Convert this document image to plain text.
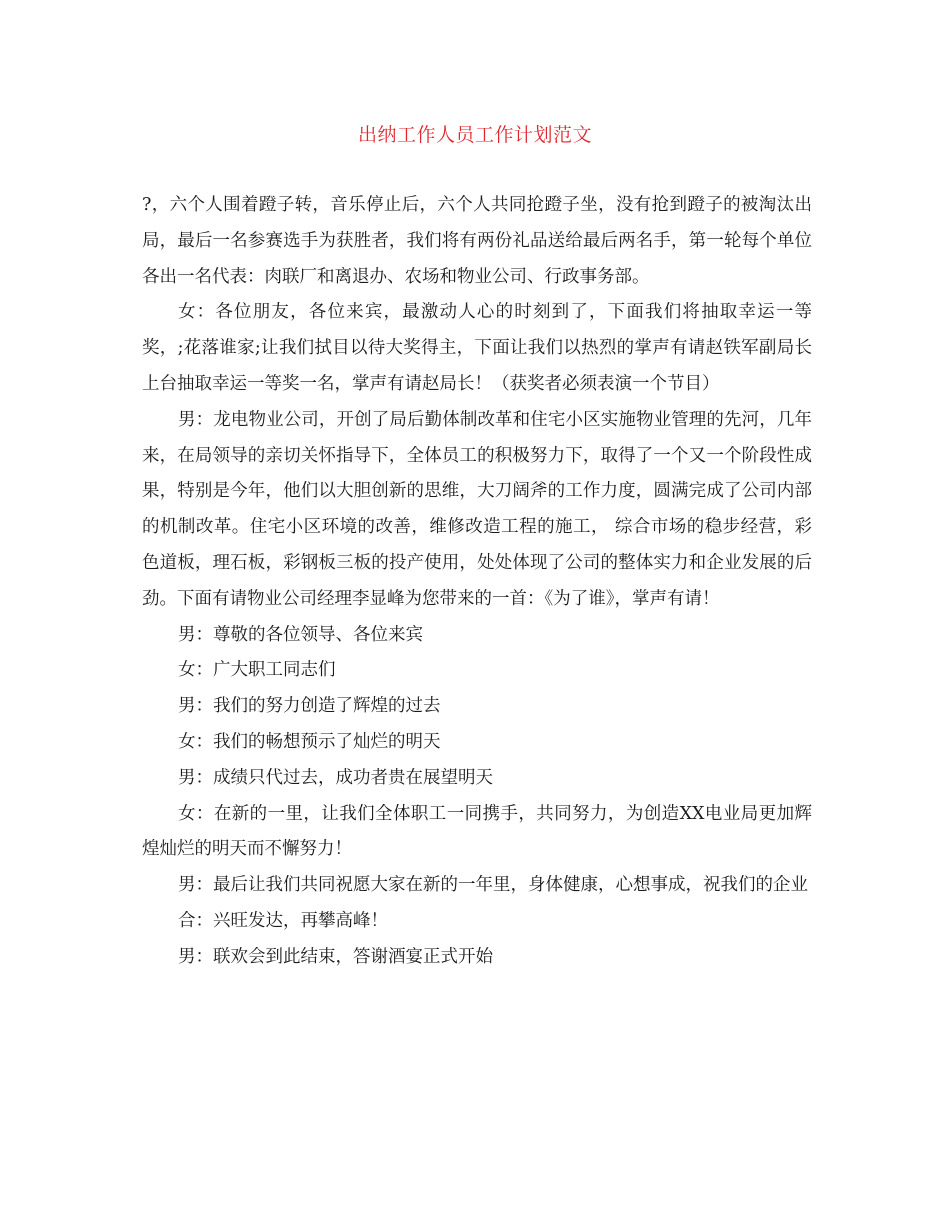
出纳工作人员工作计划范文

?，六个人围着蹬子转，音乐停止后，六个人共同抢蹬子坐，没有抢到蹬子的被淘汰出局，最后一名参赛选手为获胜者，我们将有两份礼品送给最后两名手，第一轮每个单位各出一名代表：肉联厂和离退办、农场和物业公司、行政事务部。

女：各位朋友，各位来宾，最激动人心的时刻到了，下面我们将抽取幸运一等奖，;花落谁家;让我们拭目以待大奖得主，下面让我们以热烈的掌声有请赵铁军副局长上台抽取幸运一等奖一名，掌声有请赵局长！（获奖者必须表演一个节目）

男：龙电物业公司，开创了局后勤体制改革和住宅小区实施物业管理的先河，几年来，在局领导的亲切关怀指导下，全体员工的积极努力下，取得了一个又一个阶段性成果，特别是今年，他们以大胆创新的思维，大刀阔斧的工作力度，圆满完成了公司内部的机制改革。住宅小区环境的改善，维修改造工程的施工， 综合市场的稳步经营，彩色道板，理石板，彩钢板三板的投产使用，处处体现了公司的整体实力和企业发展的后劲。下面有请物业公司经理李显峰为您带来的一首：《为了谁》，掌声有请！

男：尊敬的各位领导、各位来宾

女：广大职工同志们

男：我们的努力创造了辉煌的过去

女：我们的畅想预示了灿烂的明天

男：成绩只代过去，成功者贵在展望明天

女：在新的一里，让我们全体职工一同携手，共同努力，为创造XX电业局更加辉煌灿烂的明天而不懈努力！

男：最后让我们共同祝愿大家在新的一年里，身体健康，心想事成，祝我们的企业

合：兴旺发达，再攀高峰！

男：联欢会到此结束，答谢酒宴正式开始
